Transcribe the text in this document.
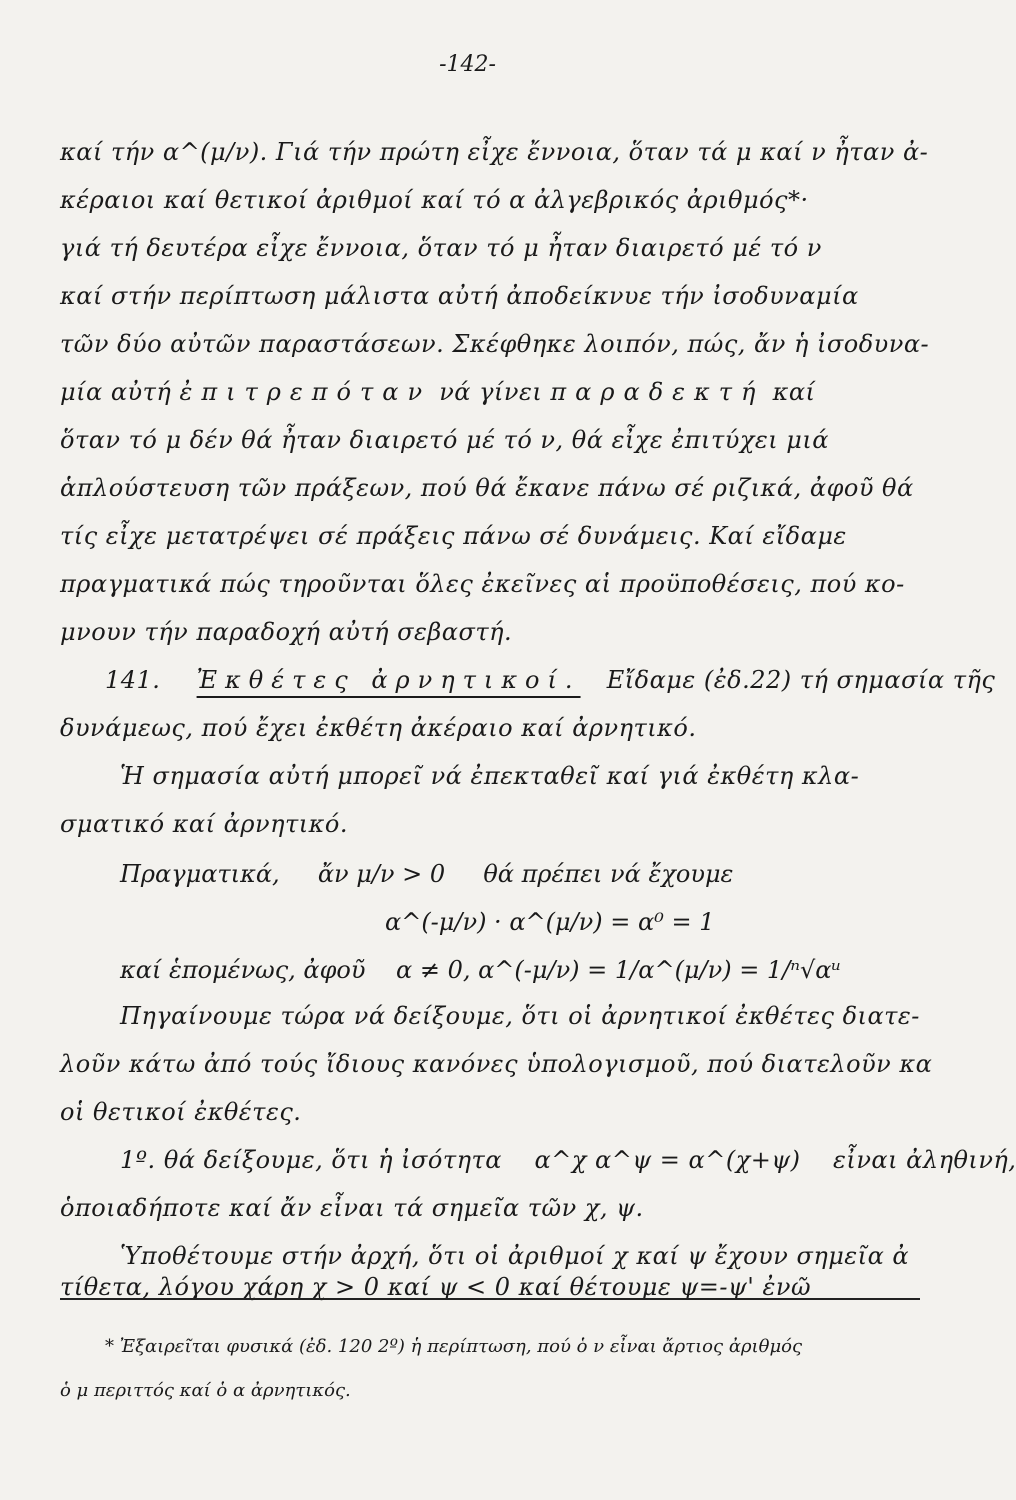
-142-
καί τήν α^(μ/ν). Γιά τήν πρώτη εἶχε ἔννοια, ὅταν τά μ καί ν ἦταν ἀ-
κέραιοι καί θετικοί ἀριθμοί καί τό α ἀλγεβρικός ἀριθμός*·
γιά τή δευτέρα εἶχε ἔννοια, ὅταν τό μ ἦταν διαιρετό μέ τό ν
καί στήν περίπτωση μάλιστα αὐτή ἀποδείκνυε τήν ἰσοδυναμία
τῶν δύο αὐτῶν παραστάσεων. Σκέφθηκε λοιπόν, πώς, ἄν ἡ ἰσοδυνα-
μία αὐτή ἐπιτρεπόταν νά γίνει παραδεκτή καί
ὅταν τό μ δέν θά ἦταν διαιρετό μέ τό ν, θά εἶχε ἐπιτύχει μιά
ἁπλούστευση τῶν πράξεων, πού θά ἔκανε πάνω σέ ριζικά, ἀφοῦ θά
τίς εἶχε μετατρέψει σέ πράξεις πάνω σέ δυνάμεις. Καί εἴδαμε
πραγματικά πώς τηροῦνται ὅλες ἐκεῖνες αἱ προϋποθέσεις, πού κο-
μνουν τήν παραδοχή αὐτή σεβαστή.
141. Ἐκθέτες ἀρνητικοί. Εἴδαμε (ἐδ.22) τή σημασία τῆς
δυνάμεως, πού ἔχει ἐκθέτη ἀκέραιο καί ἀρνητικό.
Ἡ σημασία αὐτή μπορεῖ νά ἐπεκταθεῖ καί γιά ἐκθέτη κλα-
σματικό καί ἀρνητικό.
Πραγματικά, ἄν μ/ν > 0 θά πρέπει νά ἔχουμε
α^(-μ/ν) · α^(μ/ν) = α⁰ = 1
καί ἑπομένως, ἀφοῦ α ≠ 0, α^(-μ/ν) = 1/α^(μ/ν) = 1/ⁿ√αᵘ
Πηγαίνουμε τώρα νά δείξουμε, ὅτι οἱ ἀρνητικοί ἐκθέτες διατε-
λοῦν κάτω ἀπό τούς ἴδιους κανόνες ὑπολογισμοῦ, πού διατελοῦν κα
οἱ θετικοί ἐκθέτες.
1º. θά δείξουμε, ὅτι ἡ ἰσότητα α^χ α^ψ = α^(χ+ψ) εἶναι ἀληθινή,
ὁποιαδήποτε καί ἄν εἶναι τά σημεῖα τῶν χ, ψ.
Ὑποθέτουμε στήν ἀρχή, ὅτι οἱ ἀριθμοί χ καί ψ ἔχουν σημεῖα ἀ
τίθετα, λόγου χάρη χ > 0 καί ψ < 0 καί θέτουμε ψ=-ψ' ἐνῶ
* Ἐξαιρεῖται φυσικά (ἐδ. 120 2º) ἡ περίπτωση, πού ὁ ν εἶναι ἄρτιος ἀριθμός
ὁ μ περιττός καί ὁ α ἀρνητικός.
